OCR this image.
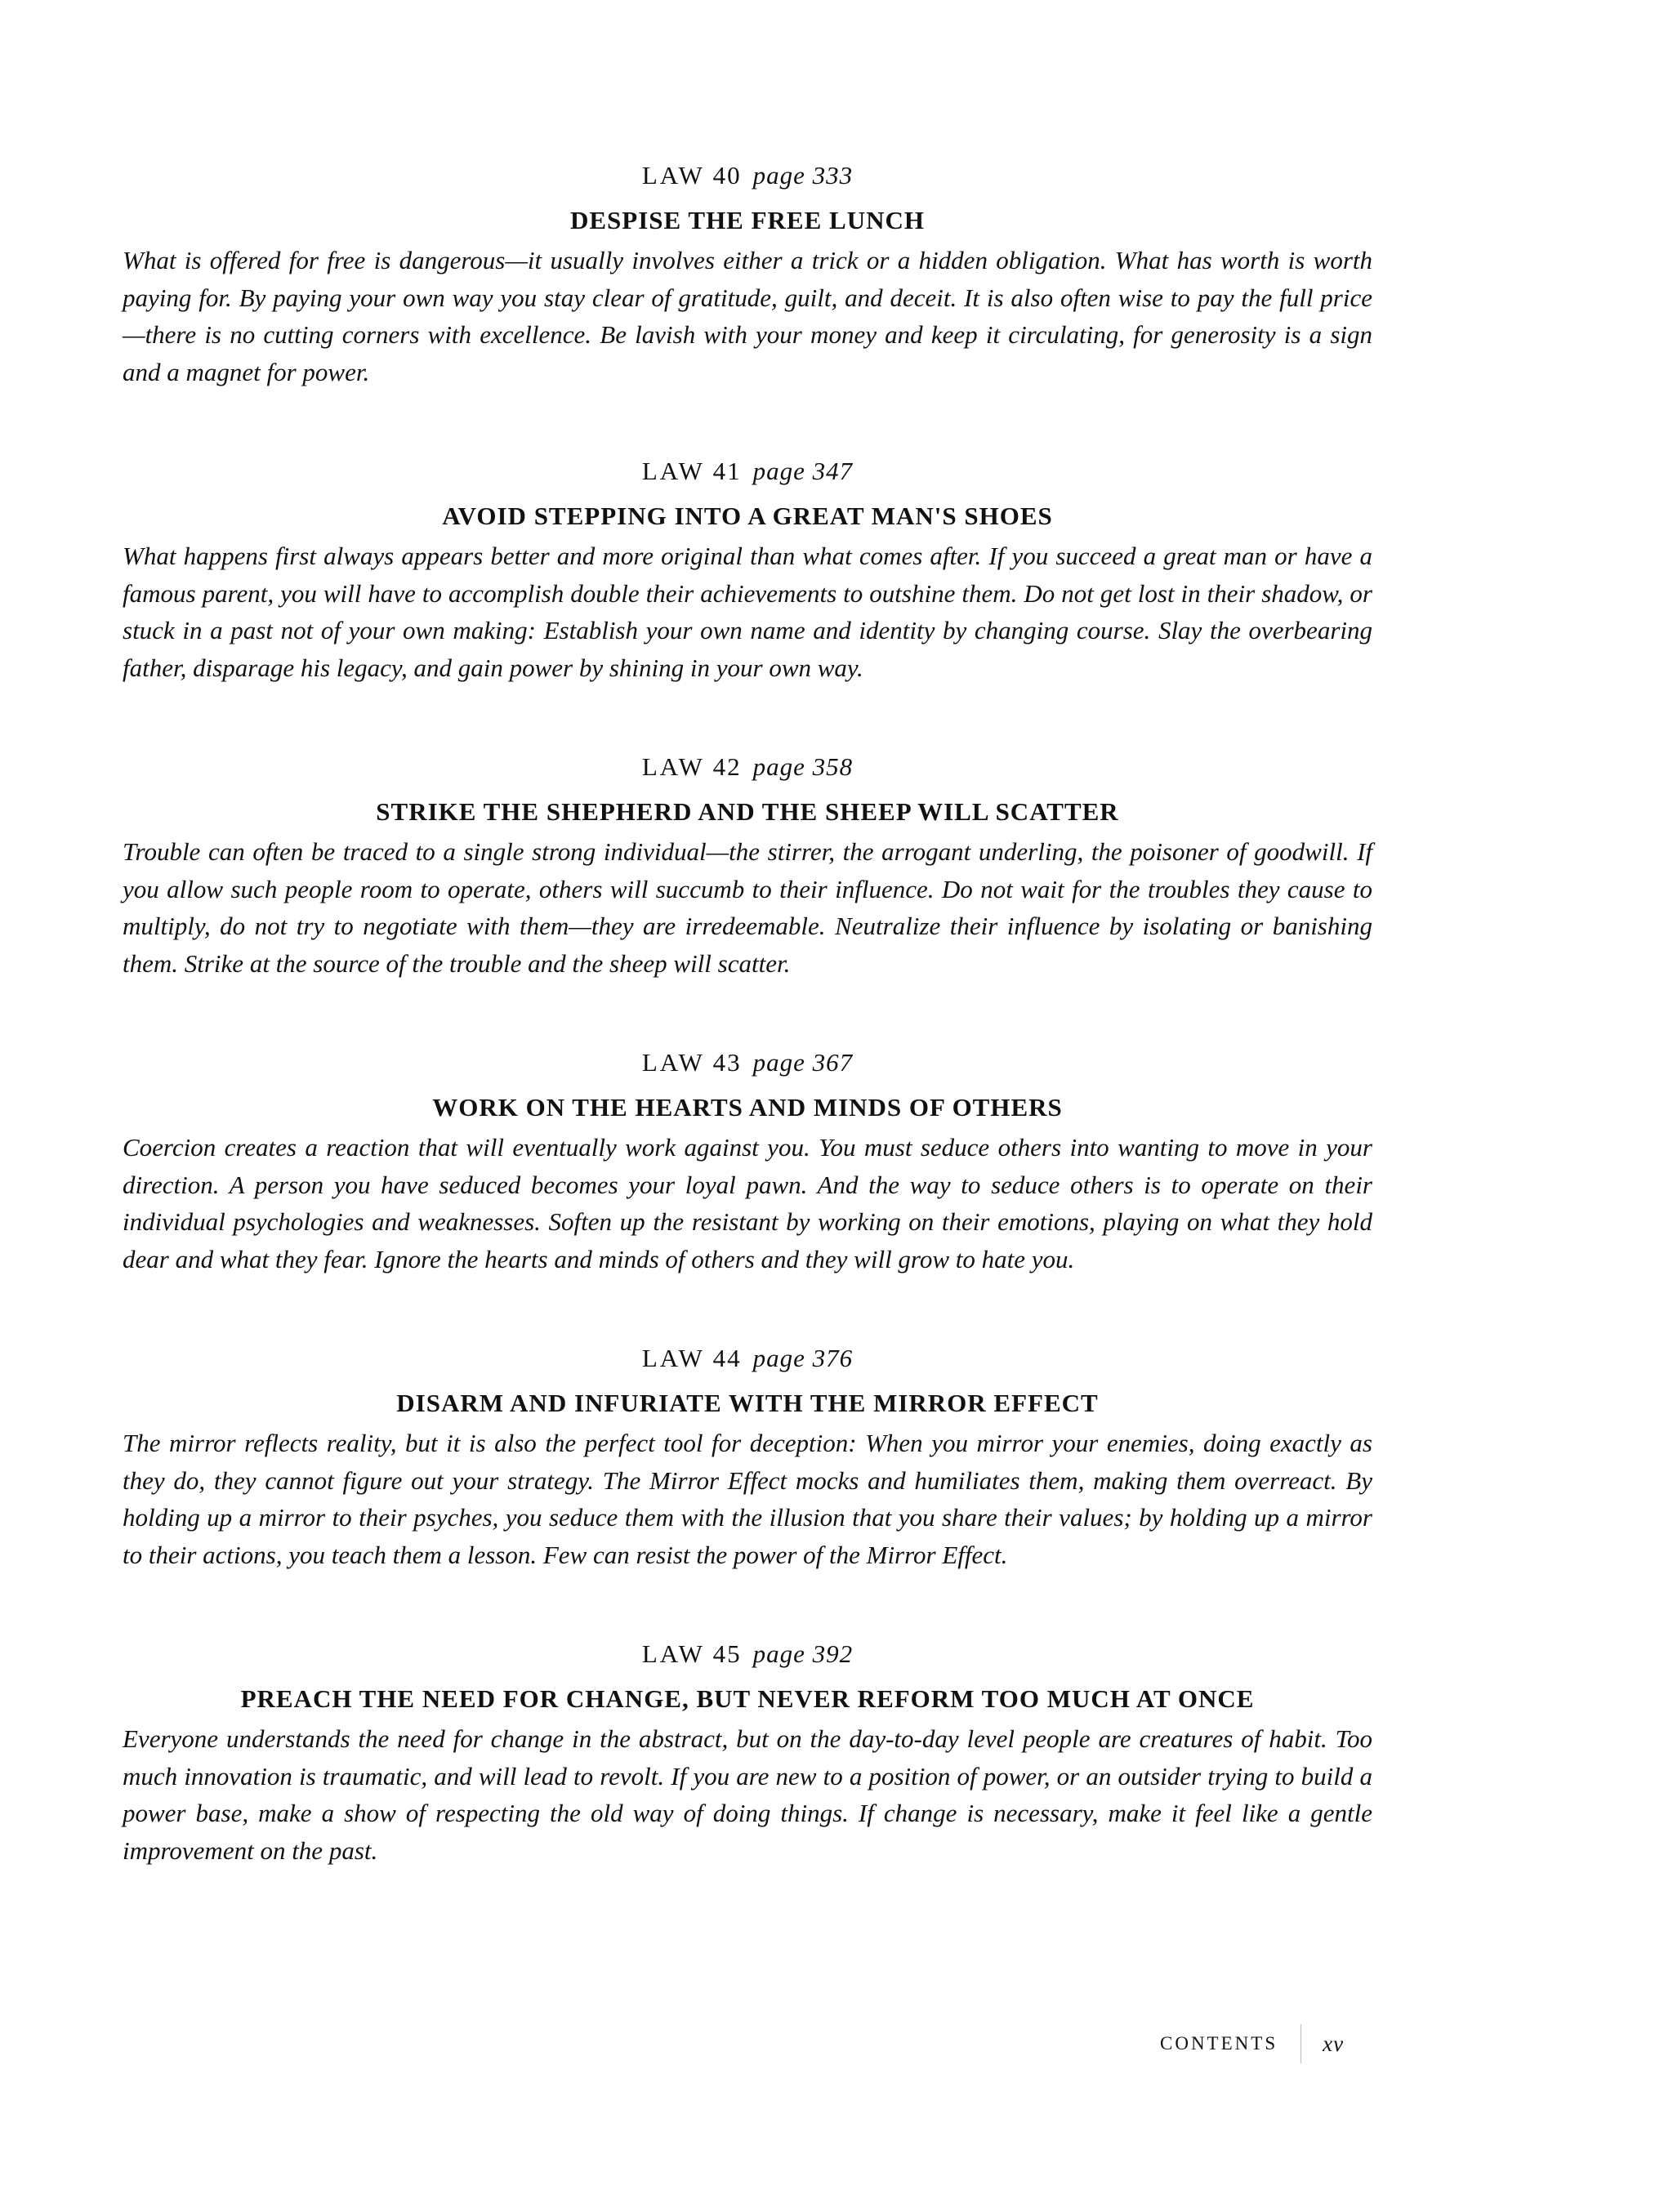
LAW 40 page 333

DESPISE THE FREE LUNCH

What is offered for free is dangerous—it usually involves either a trick or a hidden obligation. What has worth is worth paying for. By paying your own way you stay clear of gratitude, guilt, and deceit. It is also often wise to pay the full price—there is no cutting corners with excellence. Be lavish with your money and keep it circulating, for generosity is a sign and a magnet for power.

LAW 41 page 347

AVOID STEPPING INTO A GREAT MAN'S SHOES

What happens first always appears better and more original than what comes after. If you succeed a great man or have a famous parent, you will have to accomplish double their achievements to outshine them. Do not get lost in their shadow, or stuck in a past not of your own making: Establish your own name and identity by changing course. Slay the overbearing father, disparage his legacy, and gain power by shining in your own way.

LAW 42 page 358

STRIKE THE SHEPHERD AND THE SHEEP WILL SCATTER

Trouble can often be traced to a single strong individual—the stirrer, the arrogant underling, the poisoner of goodwill. If you allow such people room to operate, others will succumb to their influence. Do not wait for the troubles they cause to multiply, do not try to negotiate with them—they are irredeemable. Neutralize their influence by isolating or banishing them. Strike at the source of the trouble and the sheep will scatter.

LAW 43 page 367

WORK ON THE HEARTS AND MINDS OF OTHERS

Coercion creates a reaction that will eventually work against you. You must seduce others into wanting to move in your direction. A person you have seduced becomes your loyal pawn. And the way to seduce others is to operate on their individual psychologies and weaknesses. Soften up the resistant by working on their emotions, playing on what they hold dear and what they fear. Ignore the hearts and minds of others and they will grow to hate you.

LAW 44 page 376

DISARM AND INFURIATE WITH THE MIRROR EFFECT

The mirror reflects reality, but it is also the perfect tool for deception: When you mirror your enemies, doing exactly as they do, they cannot figure out your strategy. The Mirror Effect mocks and humiliates them, making them overreact. By holding up a mirror to their psyches, you seduce them with the illusion that you share their values; by holding up a mirror to their actions, you teach them a lesson. Few can resist the power of the Mirror Effect.

LAW 45 page 392

PREACH THE NEED FOR CHANGE, BUT NEVER REFORM TOO MUCH AT ONCE

Everyone understands the need for change in the abstract, but on the day-to-day level people are creatures of habit. Too much innovation is traumatic, and will lead to revolt. If you are new to a position of power, or an outsider trying to build a power base, make a show of respecting the old way of doing things. If change is necessary, make it feel like a gentle improvement on the past.

CONTENTS xv
